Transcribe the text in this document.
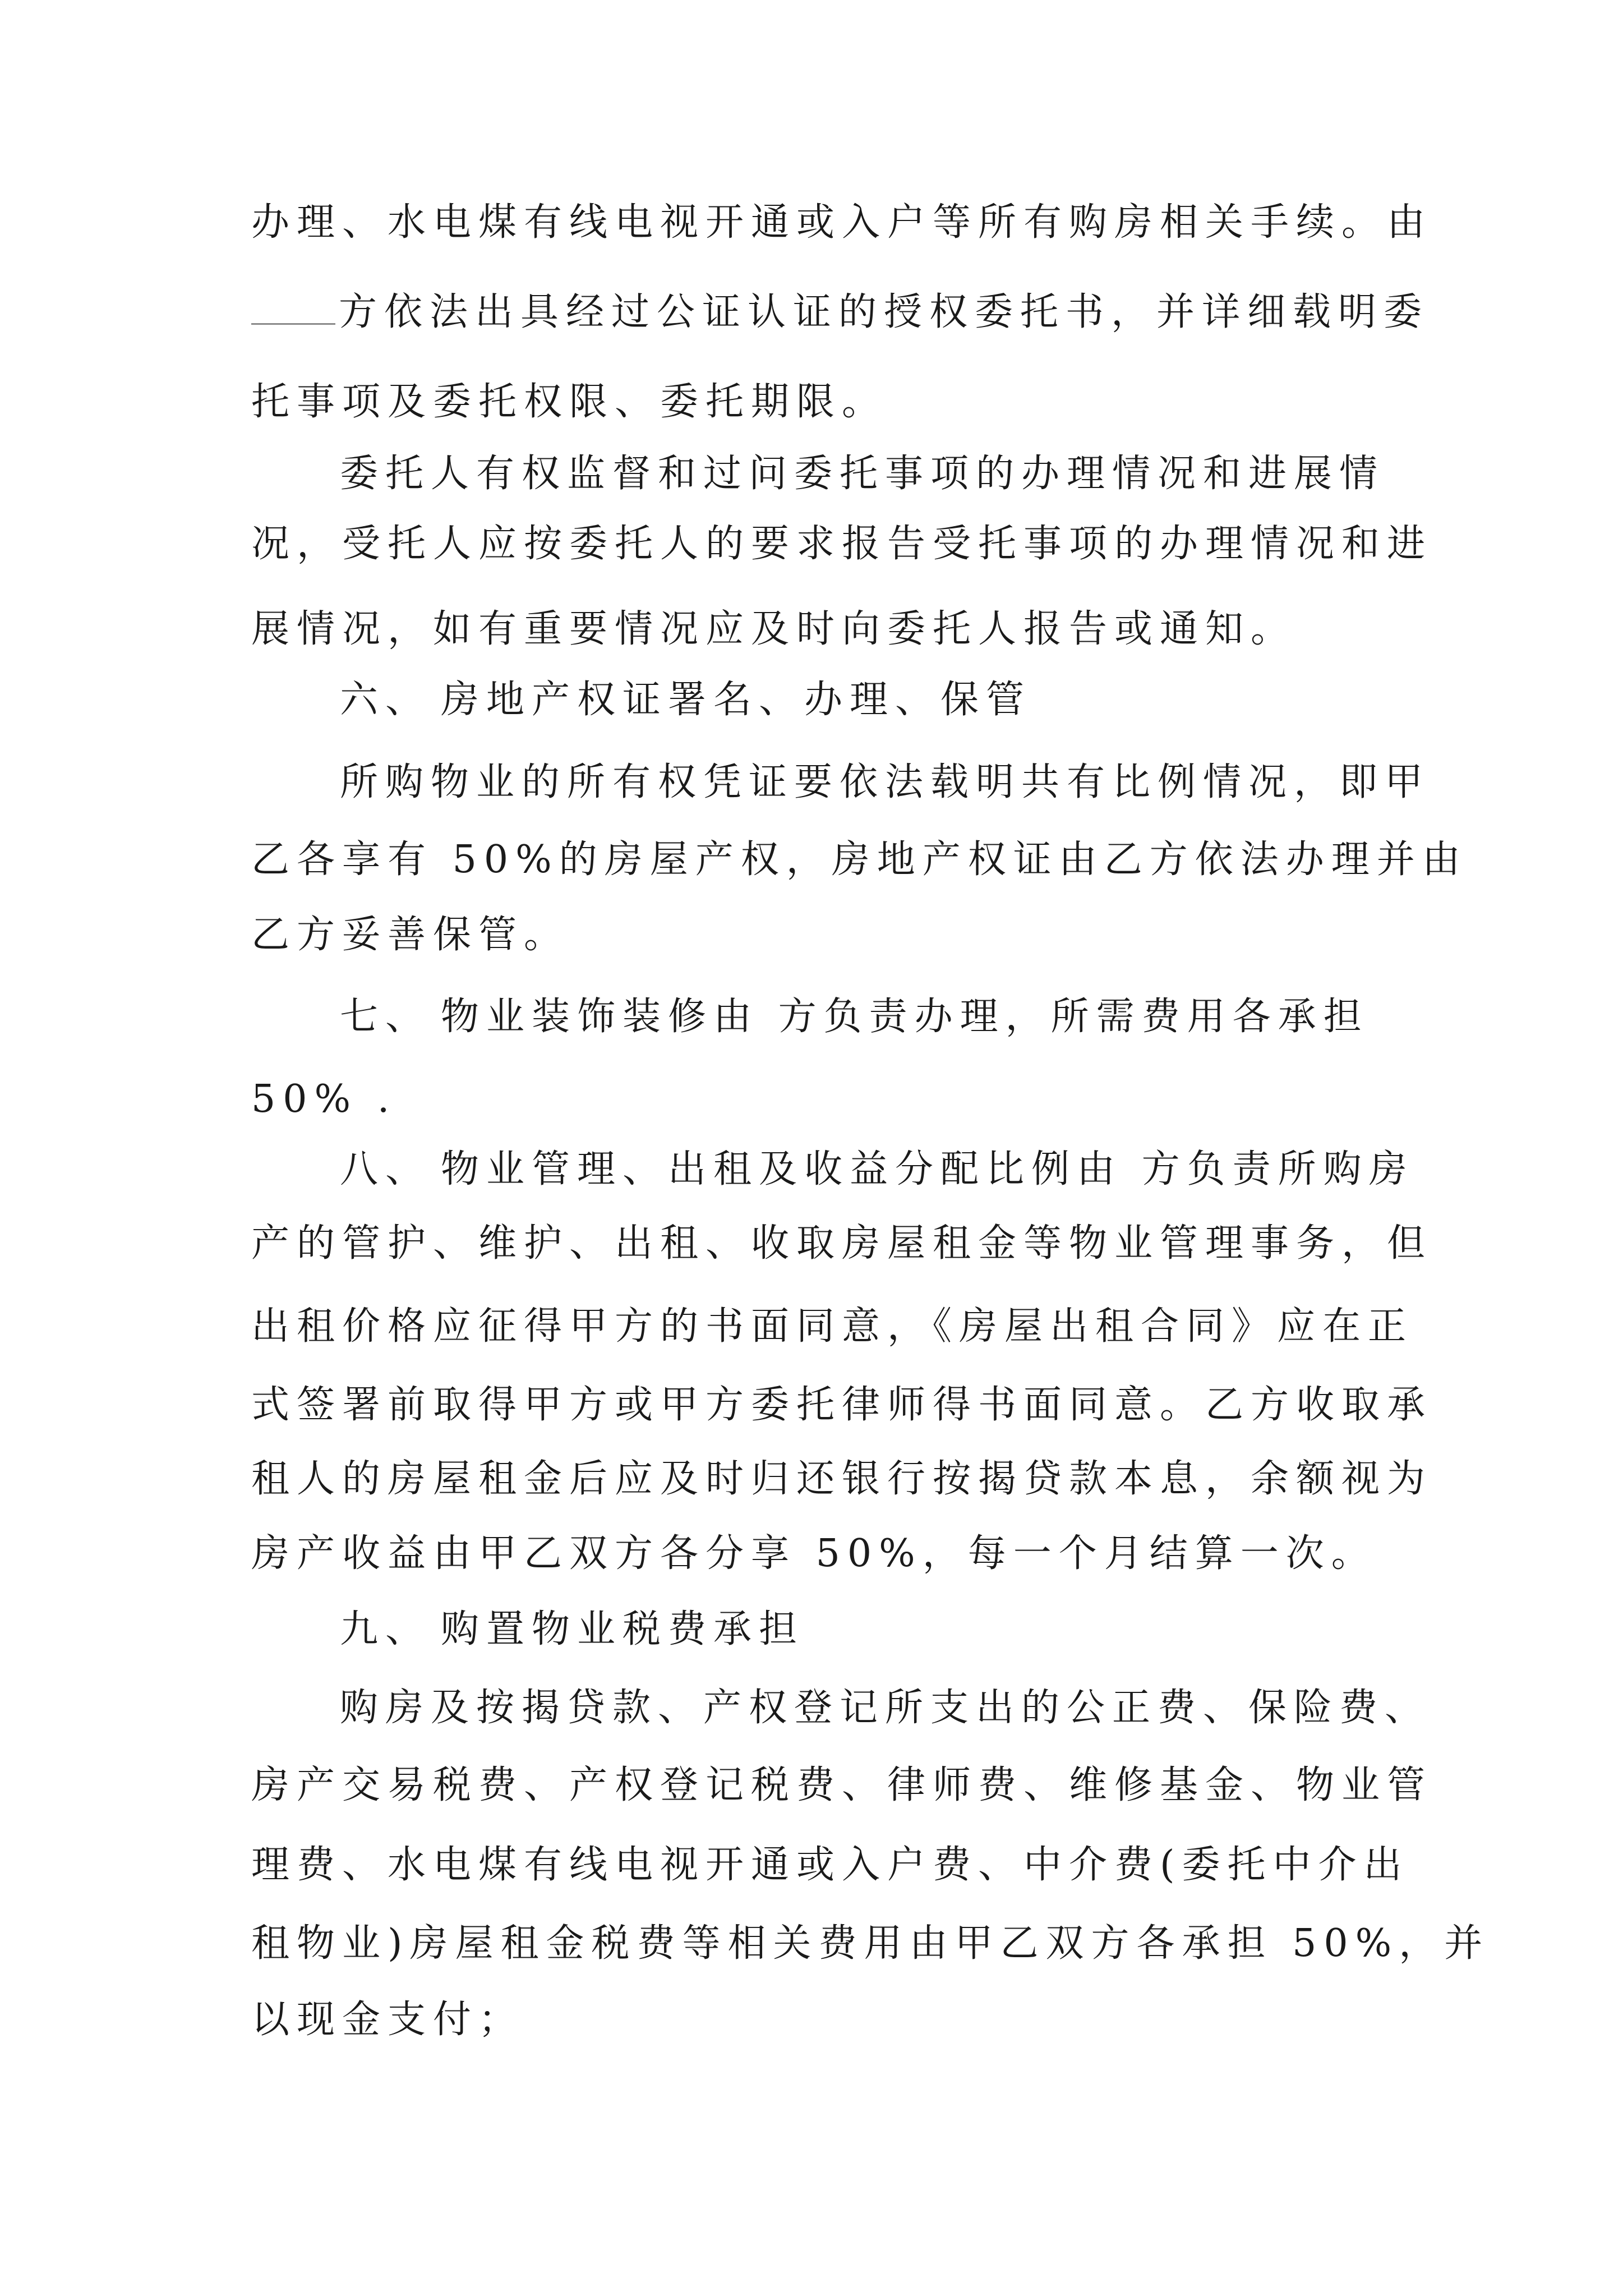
办理、水电煤有线电视开通或入户等所有购房相关手续。由
方依法出具经过公证认证的授权委托书，并详细载明委
托事项及委托权限、委托期限。
委托人有权监督和过问委托事项的办理情况和进展情
况，受托人应按委托人的要求报告受托事项的办理情况和进
展情况，如有重要情况应及时向委托人报告或通知。
六、 房地产权证署名、办理、保管
所购物业的所有权凭证要依法载明共有比例情况，即甲
乙各享有 50%的房屋产权，房地产权证由乙方依法办理并由
乙方妥善保管。
七、 物业装饰装修由 方负责办理，所需费用各承担
50% .
八、 物业管理、出租及收益分配比例由 方负责所购房
产的管护、维护、出租、收取房屋租金等物业管理事务，但
出租价格应征得甲方的书面同意，《房屋出租合同》应在正
式签署前取得甲方或甲方委托律师得书面同意。乙方收取承
租人的房屋租金后应及时归还银行按揭贷款本息，余额视为
房产收益由甲乙双方各分享 50%，每一个月结算一次。
九、 购置物业税费承担
购房及按揭贷款、产权登记所支出的公正费、保险费、
房产交易税费、产权登记税费、律师费、维修基金、物业管
理费、水电煤有线电视开通或入户费、中介费(委托中介出
租物业)房屋租金税费等相关费用由甲乙双方各承担 50%，并
以现金支付；
